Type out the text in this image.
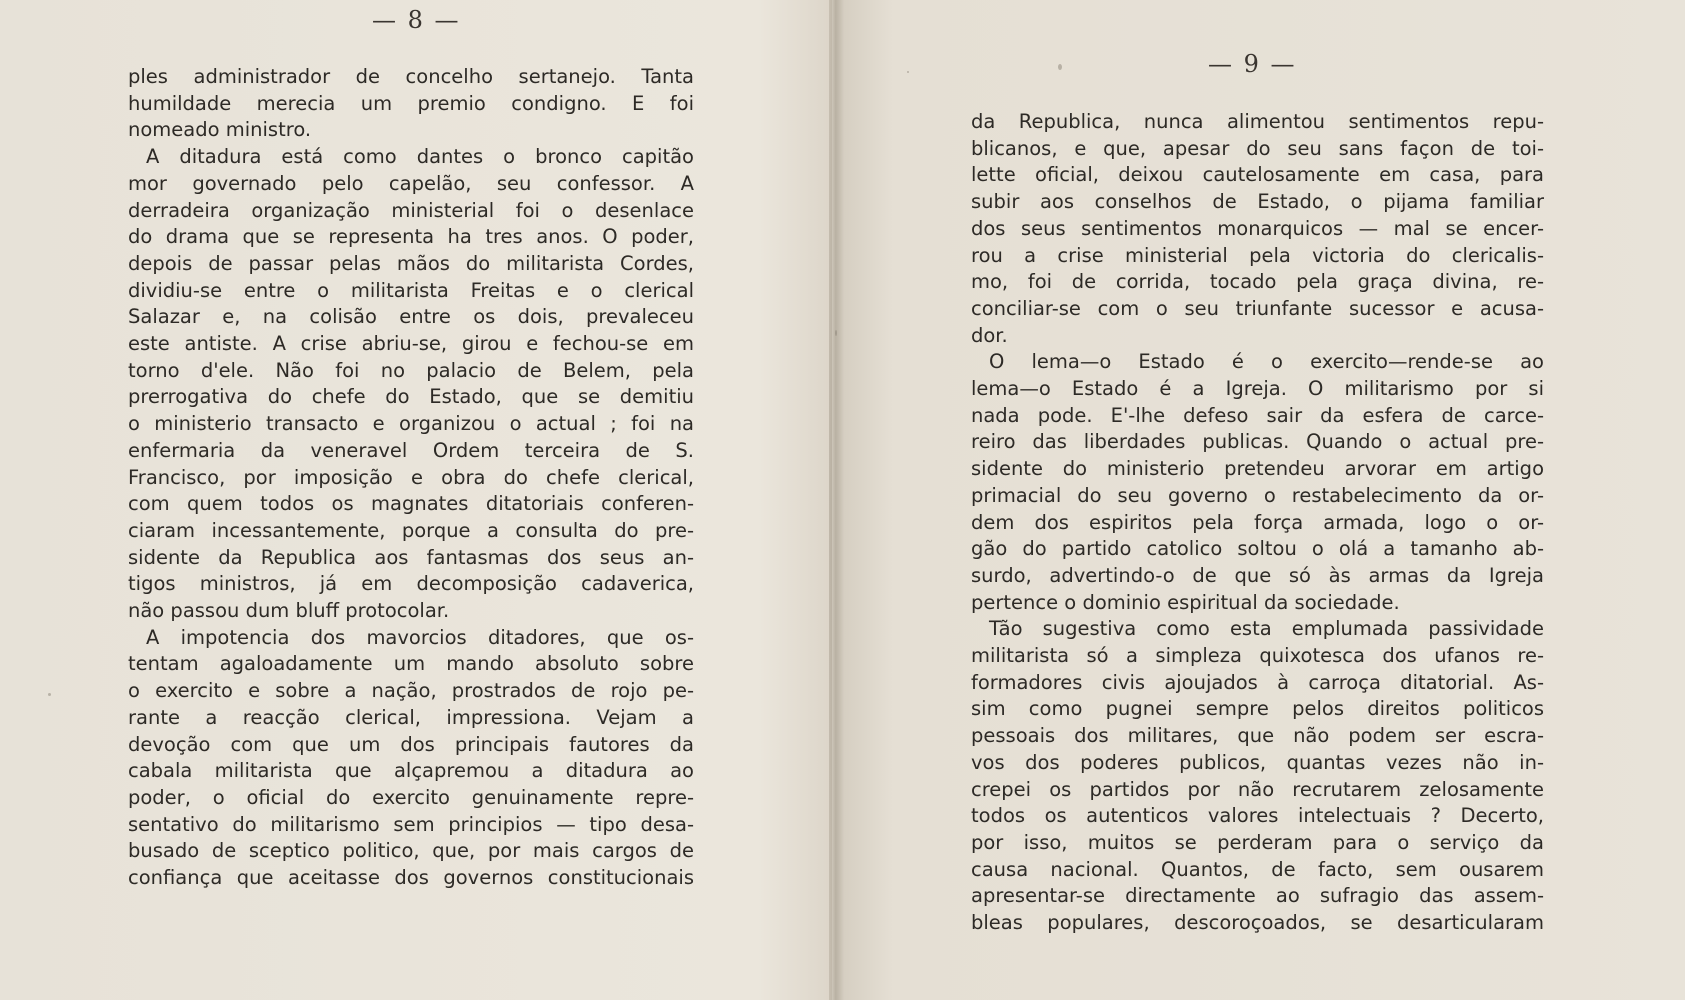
— 8 —
ples administrador de concelho sertanejo. Tanta
humildade merecia um premio condigno. E foi
nomeado ministro.
A ditadura está como dantes o bronco capitão
mor governado pelo capelão, seu confessor. A
derradeira organização ministerial foi o desenlace
do drama que se representa ha tres anos. O poder,
depois de passar pelas mãos do militarista Cordes,
dividiu-se entre o militarista Freitas e o clerical
Salazar e, na colisão entre os dois, prevaleceu
este antiste. A crise abriu-se, girou e fechou-se em
torno d'ele. Não foi no palacio de Belem, pela
prerrogativa do chefe do Estado, que se demitiu
o ministerio transacto e organizou o actual ; foi na
enfermaria da veneravel Ordem terceira de S.
Francisco, por imposição e obra do chefe clerical,
com quem todos os magnates ditatoriais conferen-
ciaram incessantemente, porque a consulta do pre-
sidente da Republica aos fantasmas dos seus an-
tigos ministros, já em decomposição cadaverica,
não passou dum bluff protocolar.
A impotencia dos mavorcios ditadores, que os-
tentam agaloadamente um mando absoluto sobre
o exercito e sobre a nação, prostrados de rojo pe-
rante a reacção clerical, impressiona. Vejam a
devoção com que um dos principais fautores da
cabala militarista que alçapremou a ditadura ao
poder, o oficial do exercito genuinamente repre-
sentativo do militarismo sem principios — tipo desa-
busado de sceptico politico, que, por mais cargos de
confiança que aceitasse dos governos constitucionais
— 9 —
da Republica, nunca alimentou sentimentos repu-
blicanos, e que, apesar do seu sans façon de toi-
lette oficial, deixou cautelosamente em casa, para
subir aos conselhos de Estado, o pijama familiar
dos seus sentimentos monarquicos — mal se encer-
rou a crise ministerial pela victoria do clericalis-
mo, foi de corrida, tocado pela graça divina, re-
conciliar-se com o seu triunfante sucessor e acusa-
dor.
O lema—o Estado é o exercito—rende-se ao
lema—o Estado é a Igreja. O militarismo por si
nada pode. E'-lhe defeso sair da esfera de carce-
reiro das liberdades publicas. Quando o actual pre-
sidente do ministerio pretendeu arvorar em artigo
primacial do seu governo o restabelecimento da or-
dem dos espiritos pela força armada, logo o or-
gão do partido catolico soltou o olá a tamanho ab-
surdo, advertindo-o de que só às armas da Igreja
pertence o dominio espiritual da sociedade.
Tão sugestiva como esta emplumada passividade
militarista só a simpleza quixotesca dos ufanos re-
formadores civis ajoujados à carroça ditatorial. As-
sim como pugnei sempre pelos direitos politicos
pessoais dos militares, que não podem ser escra-
vos dos poderes publicos, quantas vezes não in-
crepei os partidos por não recrutarem zelosamente
todos os autenticos valores intelectuais ? Decerto,
por isso, muitos se perderam para o serviço da
causa nacional. Quantos, de facto, sem ousarem
apresentar-se directamente ao sufragio das assem-
bleas populares, descoroçoados, se desarticularam
